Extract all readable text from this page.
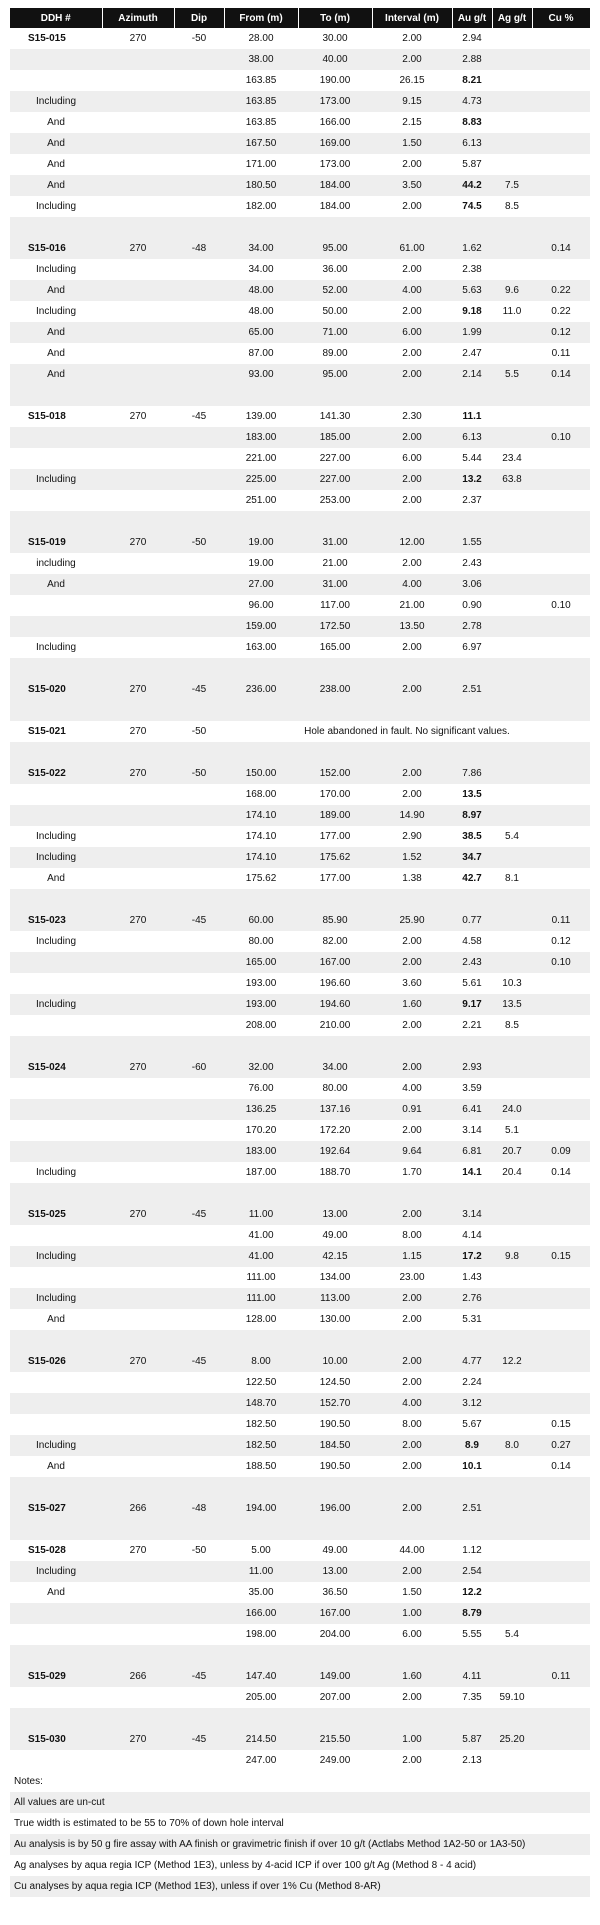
DDH #	Azimuth	Dip	From (m)	To (m)	Interval (m)	Au g/t	Ag g/t	Cu %
S15-015	270	-50	28.00	30.00	2.00	2.94		
			38.00	40.00	2.00	2.88		
			163.85	190.00	26.15	8.21		
Including			163.85	173.00	9.15	4.73		
And			163.85	166.00	2.15	8.83		
And			167.50	169.00	1.50	6.13		
And			171.00	173.00	2.00	5.87		
And			180.50	184.00	3.50	44.2	7.5	
Including			182.00	184.00	2.00	74.5	8.5	

S15-016	270	-48	34.00	95.00	61.00	1.62		0.14
Including			34.00	36.00	2.00	2.38		
And			48.00	52.00	4.00	5.63	9.6	0.22
Including			48.00	50.00	2.00	9.18	11.0	0.22
And			65.00	71.00	6.00	1.99		0.12
And			87.00	89.00	2.00	2.47		0.11
And			93.00	95.00	2.00	2.14	5.5	0.14

S15-018	270	-45	139.00	141.30	2.30	11.1		
			183.00	185.00	2.00	6.13		0.10
			221.00	227.00	6.00	5.44	23.4	
Including			225.00	227.00	2.00	13.2	63.8	
			251.00	253.00	2.00	2.37		

S15-019	270	-50	19.00	31.00	12.00	1.55		
including			19.00	21.00	2.00	2.43		
And			27.00	31.00	4.00	3.06		
			96.00	117.00	21.00	0.90		0.10
			159.00	172.50	13.50	2.78		
Including			163.00	165.00	2.00	6.97		

S15-020	270	-45	236.00	238.00	2.00	2.51		

S15-021	270	-50	Hole abandoned in fault. No significant values.					

S15-022	270	-50	150.00	152.00	2.00	7.86		
			168.00	170.00	2.00	13.5		
			174.10	189.00	14.90	8.97		
Including			174.10	177.00	2.90	38.5	5.4	
Including			174.10	175.62	1.52	34.7		
And			175.62	177.00	1.38	42.7	8.1	

S15-023	270	-45	60.00	85.90	25.90	0.77		0.11
Including			80.00	82.00	2.00	4.58		0.12
			165.00	167.00	2.00	2.43		0.10
			193.00	196.60	3.60	5.61	10.3	
Including			193.00	194.60	1.60	9.17	13.5	
			208.00	210.00	2.00	2.21	8.5	

S15-024	270	-60	32.00	34.00	2.00	2.93		
			76.00	80.00	4.00	3.59		
			136.25	137.16	0.91	6.41	24.0	
			170.20	172.20	2.00	3.14	5.1	
			183.00	192.64	9.64	6.81	20.7	0.09
Including			187.00	188.70	1.70	14.1	20.4	0.14

S15-025	270	-45	11.00	13.00	2.00	3.14		
			41.00	49.00	8.00	4.14		
Including			41.00	42.15	1.15	17.2	9.8	0.15
			111.00	134.00	23.00	1.43		
Including			111.00	113.00	2.00	2.76		
And			128.00	130.00	2.00	5.31		

S15-026	270	-45	8.00	10.00	2.00	4.77	12.2	
			122.50	124.50	2.00	2.24		
			148.70	152.70	4.00	3.12		
			182.50	190.50	8.00	5.67		0.15
Including			182.50	184.50	2.00	8.9	8.0	0.27
And			188.50	190.50	2.00	10.1		0.14

S15-027	266	-48	194.00	196.00	2.00	2.51		

S15-028	270	-50	5.00	49.00	44.00	1.12		
Including			11.00	13.00	2.00	2.54		
And			35.00	36.50	1.50	12.2		
			166.00	167.00	1.00	8.79		
			198.00	204.00	6.00	5.55	5.4	

S15-029	266	-45	147.40	149.00	1.60	4.11		0.11
			205.00	207.00	2.00	7.35	59.10	

S15-030	270	-45	214.50	215.50	1.00	5.87	25.20	
			247.00	249.00	2.00	2.13		
Notes:
All values are un-cut
True width is estimated to be 55 to 70% of down hole interval
Au analysis is by 50 g fire assay with AA finish or gravimetric finish if over 10 g/t (Actlabs Method 1A2-50 or 1A3-50)
Ag analyses by aqua regia ICP (Method 1E3), unless by 4-acid ICP if over 100 g/t Ag (Method 8 - 4 acid)
Cu analyses by aqua regia ICP (Method 1E3), unless if over 1% Cu (Method 8-AR)
